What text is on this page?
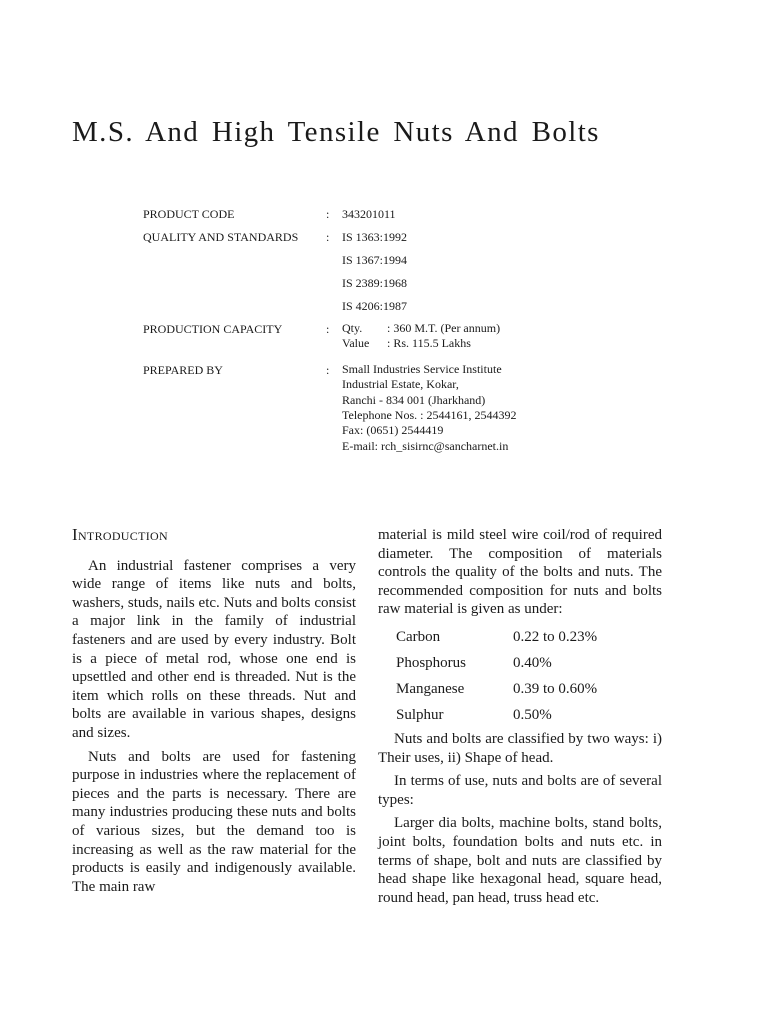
M.S. And High Tensile Nuts And Bolts
PRODUCT CODE	: 343201011
QUALITY AND STANDARDS	: IS 1363:1992
IS 1367:1994
IS 2389:1968
IS 4206:1987
PRODUCTION CAPACITY	: Qty. : 360 M.T. (Per annum)
Value : Rs. 115.5 Lakhs
PREPARED BY	: Small Industries Service Institute
Industrial Estate, Kokar,
Ranchi - 834 001 (Jharkhand)
Telephone Nos. : 2544161, 2544392
Fax: (0651) 2544419
E-mail: rch_sisirnc@sancharnet.in
Introduction

An industrial fastener comprises a very wide range of items like nuts and bolts, washers, studs, nails etc. Nuts and bolts consist a major link in the family of industrial fasteners and are used by every industry. Bolt is a piece of metal rod, whose one end is upsettled and other end is threaded. Nut is the item which rolls on these threads. Nut and bolts are available in various shapes, designs and sizes.

Nuts and bolts are used for fastening purpose in industries where the replacement of pieces and the parts is necessary. There are many industries producing these nuts and bolts of various sizes, but the demand too is increasing as well as the raw material for the products is easily and indigenously available. The main raw

material is mild steel wire coil/rod of required diameter. The composition of materials controls the quality of the bolts and nuts. The recommended composition for nuts and bolts raw material is given as under:

Carbon	0.22 to 0.23%
Phosphorus	0.40%
Manganese	0.39 to 0.60%
Sulphur	0.50%

Nuts and bolts are classified by two ways: i) Their uses, ii) Shape of head.

In terms of use, nuts and bolts are of several types:

Larger dia bolts, machine bolts, stand bolts, joint bolts, foundation bolts and nuts etc. in terms of shape, bolt and nuts are classified by head shape like hexagonal head, square head, round head, pan head, truss head etc.
